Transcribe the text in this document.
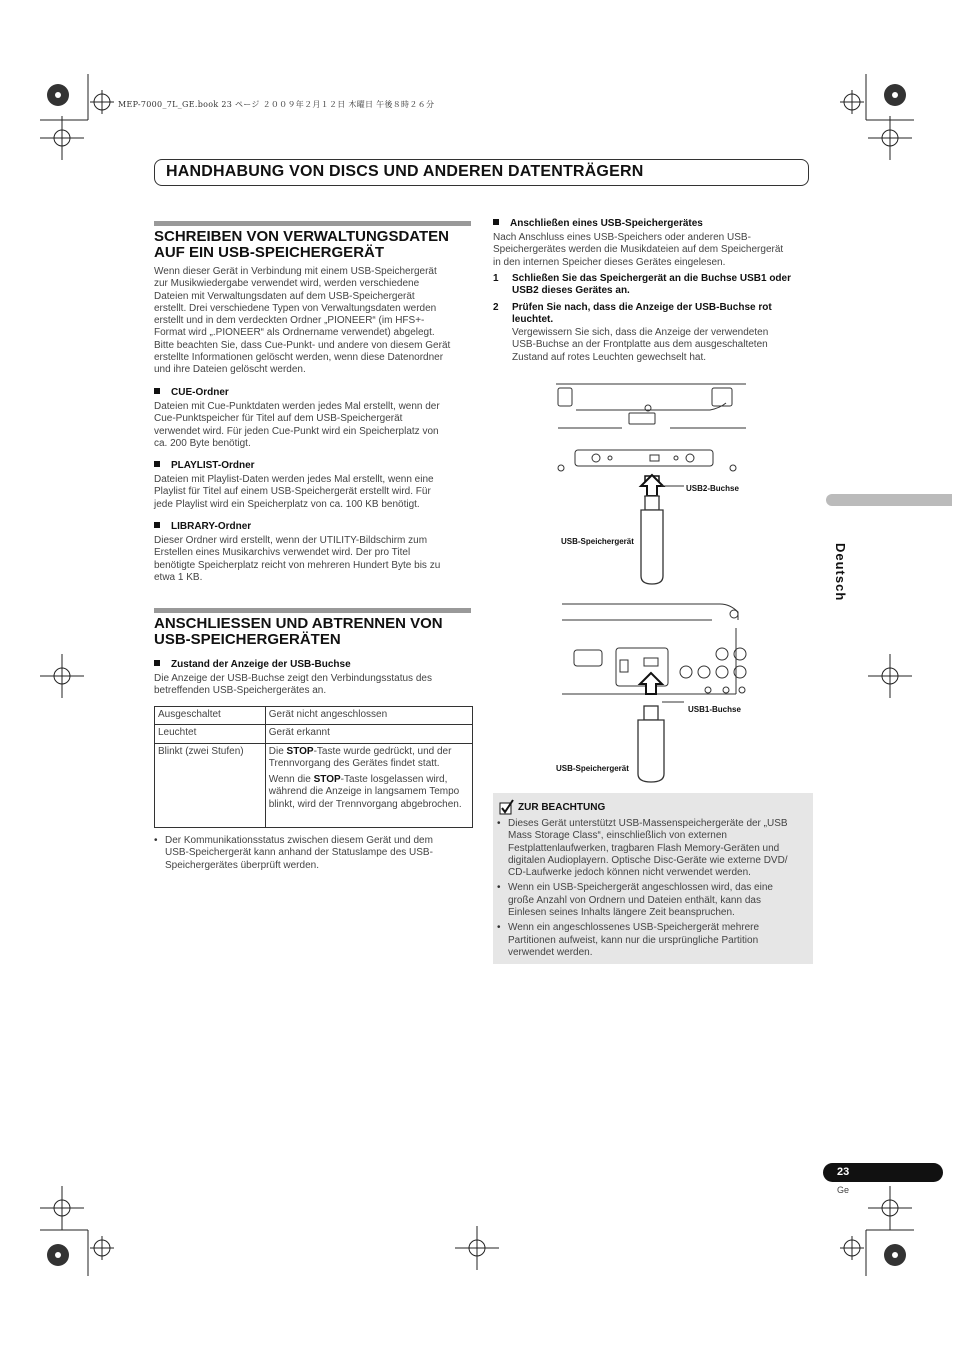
MEP-7000_7L_GE.book 23 ページ ２００９年２月１２日 木曜日 午後８時２６分
HANDHABUNG VON DISCS UND ANDEREN DATENTRÄGERN
SCHREIBEN VON VERWALTUNGSDATEN
AUF EIN USB-SPEICHERGERÄT
Wenn dieser Gerät in Verbindung mit einem USB-Speichergerät
zur Musikwiedergabe verwendet wird, werden verschiedene
Dateien mit Verwaltungsdaten auf dem USB-Speichergerät
erstellt. Drei verschiedene Typen von Verwaltungsdaten werden
erstellt und in dem verdeckten Ordner „PIONEER“ (im HFS+-
Format wird „.PIONEER“ als Ordnername verwendet) abgelegt.
Bitte beachten Sie, dass Cue-Punkt- und andere von diesem Gerät
erstellte Informationen gelöscht werden, wenn diese Datenordner
und ihre Dateien gelöscht werden.
CUE-Ordner
Dateien mit Cue-Punktdaten werden jedes Mal erstellt, wenn der
Cue-Punktspeicher für Titel auf dem USB-Speichergerät
verwendet wird. Für jeden Cue-Punkt wird ein Speicherplatz von
ca. 200 Byte benötigt.
PLAYLIST-Ordner
Dateien mit Playlist-Daten werden jedes Mal erstellt, wenn eine
Playlist für Titel auf einem USB-Speichergerät erstellt wird. Für
jede Playlist wird ein Speicherplatz von ca. 100 KB benötigt.
LIBRARY-Ordner
Dieser Ordner wird erstellt, wenn der UTILITY-Bildschirm zum
Erstellen eines Musikarchivs verwendet wird. Der pro Titel
benötigte Speicherplatz reicht von mehreren Hundert Byte bis zu
etwa 1 KB.
ANSCHLIESSEN UND ABTRENNEN VON
USB-SPEICHERGERÄTEN
Zustand der Anzeige der USB-Buchse
Die Anzeige der USB-Buchse zeigt den Verbindungsstatus des
betreffenden USB-Speichergerätes an.
Ausgeschaltet	Gerät nicht angeschlossen
Leuchtet	Gerät erkannt
Blinkt (zwei Stufen)	Die STOP-Taste wurde gedrückt, und der Trennvorgang des Gerätes findet statt.
Wenn die STOP-Taste losgelassen wird, während die Anzeige in langsamem Tempo blinkt, wird der Trennvorgang abgebrochen.
• Der Kommunikationsstatus zwischen diesem Gerät und dem
USB-Speichergerät kann anhand der Statuslampe des USB-
Speichergerätes überprüft werden.
Anschließen eines USB-Speichergerätes
Nach Anschluss eines USB-Speichers oder anderen USB-
Speichergerätes werden die Musikdateien auf dem Speichergerät
in den internen Speicher dieses Gerätes eingelesen.
1 Schließen Sie das Speichergerät an die Buchse USB1 oder
USB2 dieses Gerätes an.
2 Prüfen Sie nach, dass die Anzeige der USB-Buchse rot
leuchtet.
Vergewissern Sie sich, dass die Anzeige der verwendeten
USB-Buchse an der Frontplatte aus dem ausgeschalteten
Zustand auf rotes Leuchten gewechselt hat.
USB2-Buchse
USB-Speichergerät
USB1-Buchse
USB-Speichergerät
ZUR BEACHTUNG
• Dieses Gerät unterstützt USB-Massenspeichergeräte der „USB
Mass Storage Class“, einschließlich von externen
Festplattenlaufwerken, tragbaren Flash Memory-Geräten und
digitalen Audioplayern. Optische Disc-Geräte wie externe DVD/
CD-Laufwerke jedoch können nicht verwendet werden.
• Wenn ein USB-Speichergerät angeschlossen wird, das eine
große Anzahl von Ordnern und Dateien enthält, kann das
Einlesen seines Inhalts längere Zeit beanspruchen.
• Wenn ein angeschlossenes USB-Speichergerät mehrere
Partitionen aufweist, kann nur die ursprüngliche Partition
verwendet werden.
Deutsch
23
Ge
